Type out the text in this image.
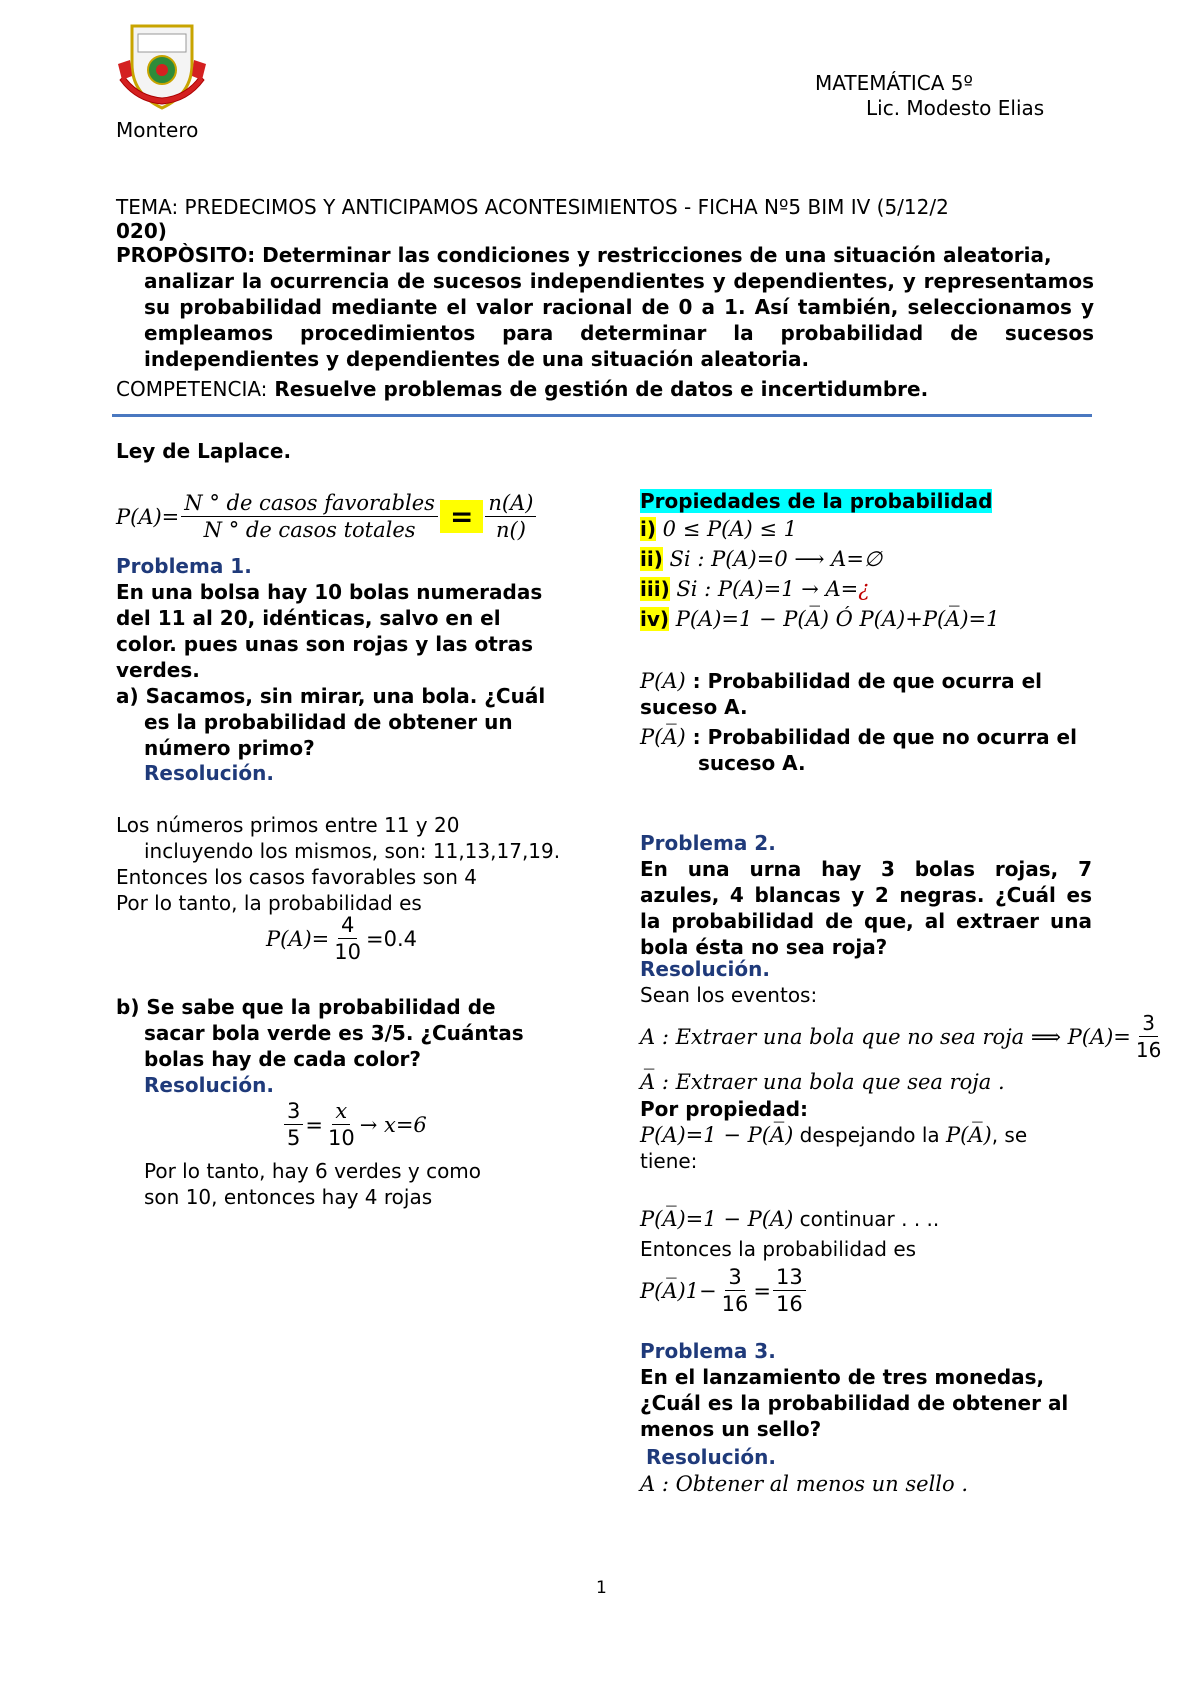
MATEMÁTICA 5º
Lic. Modesto Elias
Montero
TEMA: PREDECIMOS Y ANTICIPAMOS ACONTESIMIENTOS - FICHA Nº5 BIM IV (5/12/2
020)
PROPÒSITO: Determinar las condiciones y restricciones de una situación aleatoria,
analizar la ocurrencia de sucesos independientes y dependientes, y representamos
su probabilidad mediante el valor racional de 0 a 1. Así también, seleccionamos y
empleamos procedimientos para determinar la probabilidad de sucesos
independientes y dependientes de una situación aleatoria.
COMPETENCIA: Resuelve problemas de gestión de datos e incertidumbre.
Ley de Laplace.
$P(A)= \frac{\text{N ° de casos favorables}}{\text{N ° de casos totales}} = \frac{n(A)}{n()}$
Problema 1.
En una bolsa hay 10 bolas numeradas
del 11 al 20, idénticas, salvo en el
color. pues unas son rojas y las otras
verdes.
a) Sacamos, sin mirar, una bola. ¿Cuál
es la probabilidad de obtener un
número primo?
Resolución.
Los números primos entre 11 y 20
incluyendo los mismos, son: 11,13,17,19.
Entonces los casos favorables son 4
Por lo tanto, la probabilidad es
$P(A)= \frac{4}{10} =0.4$
b) Se sabe que la probabilidad de
sacar bola verde es 3/5. ¿Cuántas
bolas hay de cada color?
Resolución.
$\frac{3}{5} = \frac{x}{10} \to x=6$
Por lo tanto, hay 6 verdes y como
son 10, entonces hay 4 rojas
Propiedades de la probabilidad
i) 0 ≤ P(A) ≤ 1
ii) Si : P(A)=0 ⟶ A=∅
iii) Si : P(A)=1 → A=¿
iv) P(A)=1 − P(A̅) Ó P(A)+P(A̅)=1
P(A) : Probabilidad de que ocurra el
suceso A.
P(A̅) : Probabilidad de que no ocurra el
suceso A.
Problema 2.
En una urna hay 3 bolas rojas, 7
azules, 4 blancas y 2 negras. ¿Cuál es
la probabilidad de que, al extraer una
bola ésta no sea roja?
Resolución.
Sean los eventos:
A : Extraer una bola que no sea roja ⟹ $P(A)= \frac{3}{16}$
A̅ : Extraer una bola que sea roja .
Por propiedad:
P(A)=1 − P(A̅) despejando la P(A̅), se
tiene:
P(A̅)=1 − P(A) continuar . . ..
Entonces la probabilidad es
P(A̅)1− $\frac{3}{16} = \frac{13}{16}$
Problema 3.
En el lanzamiento de tres monedas,
¿Cuál es la probabilidad de obtener al
menos un sello?
Resolución.
A : Obtener al menos un sello .
1
